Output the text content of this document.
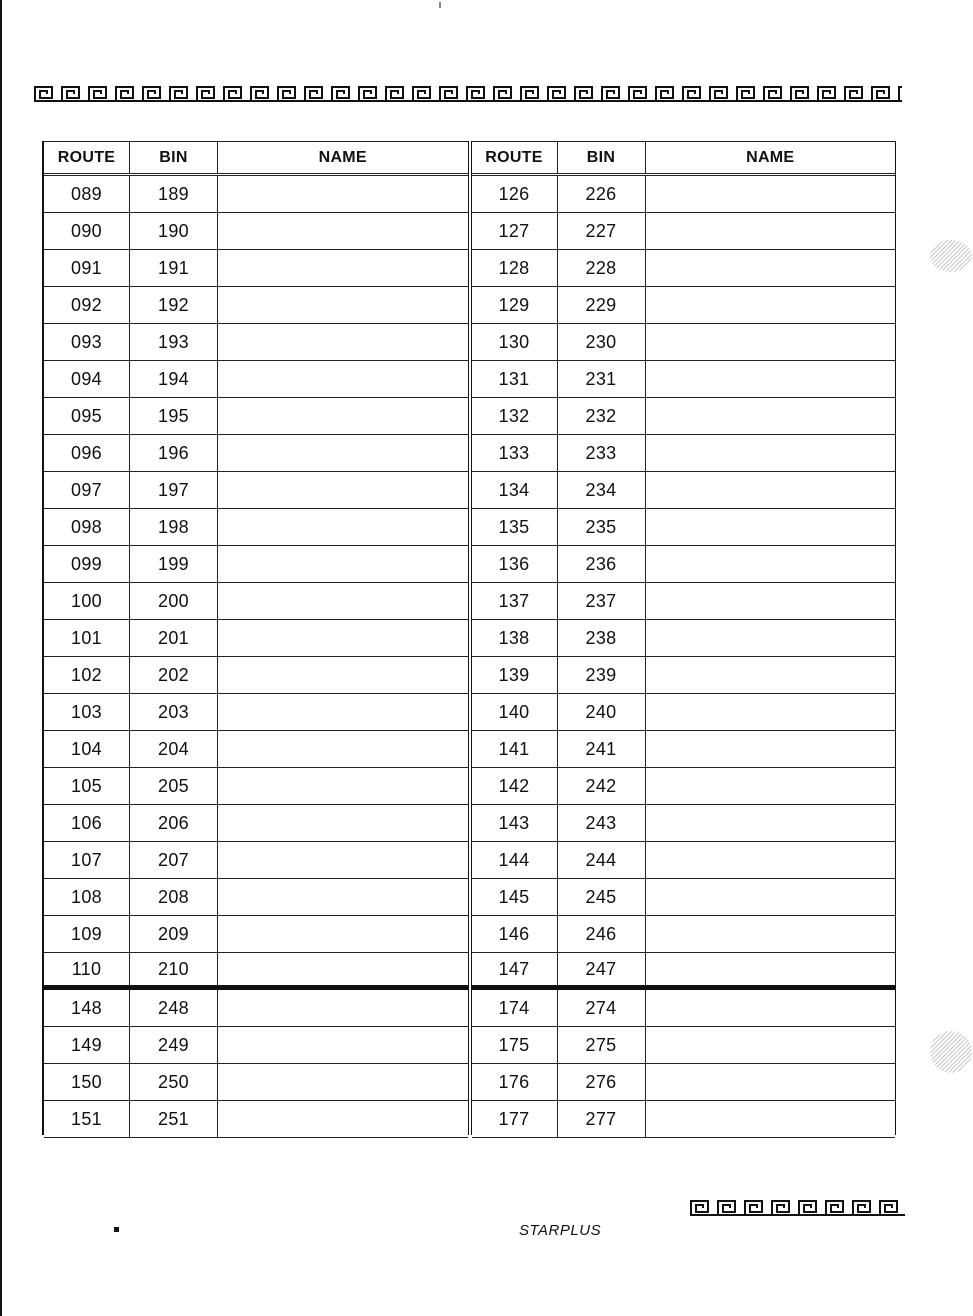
ROUTE	BIN	NAME
089	189
090	190
091	191
092	192
093	193
094	194
095	195
096	196
097	197
098	198
099	199
100	200
101	201
102	202
103	203
104	204
105	205
106	206
107	207
108	208
109	209
110	210
148	248
149	249
150	250
151	251
ROUTE	BIN	NAME
126	226
127	227
128	228
129	229
130	230
131	231
132	232
133	233
134	234
135	235
136	236
137	237
138	238
139	239
140	240
141	241
142	242
143	243
144	244
145	245
146	246
147	247
174	274
175	275
176	276
177	277
STARPLUS
